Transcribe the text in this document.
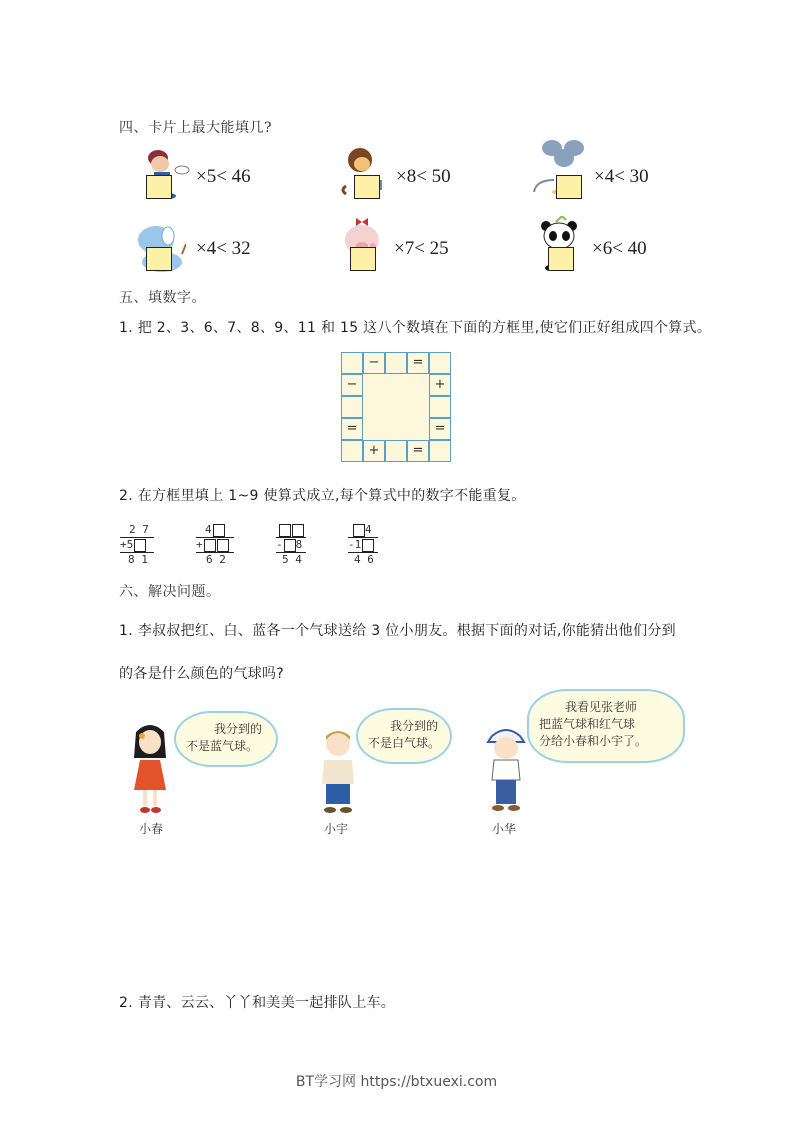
四、卡片上最大能填几?
×5< 46	×8< 50	×4< 30
×4< 32	×7< 25	×6< 40
五、填数字。
1. 把 2、3、6、7、8、9、11 和 15 这八个数填在下面的方框里,使它们正好组成四个算式。
−	=
−
=
+
=
+	=
2. 在方框里填上 1~9 使算式成立,每个算式中的数字不能重复。
2 7
+5
8 1
4
+
6 2
- 8
5 4
4
-1
4 6
六、解决问题。
1. 李叔叔把红、白、蓝各一个气球送给 3 位小朋友。根据下面的对话,你能猜出他们分到
的各是什么颜色的气球吗?
我分到的
不是蓝气球。
小春
我分到的
不是白气球。
小宇
我看见张老师
把蓝气球和红气球
分给小春和小宇了。
小华
2. 青青、云云、丫丫和美美一起排队上车。
BT学习网 https://btxuexi.com
